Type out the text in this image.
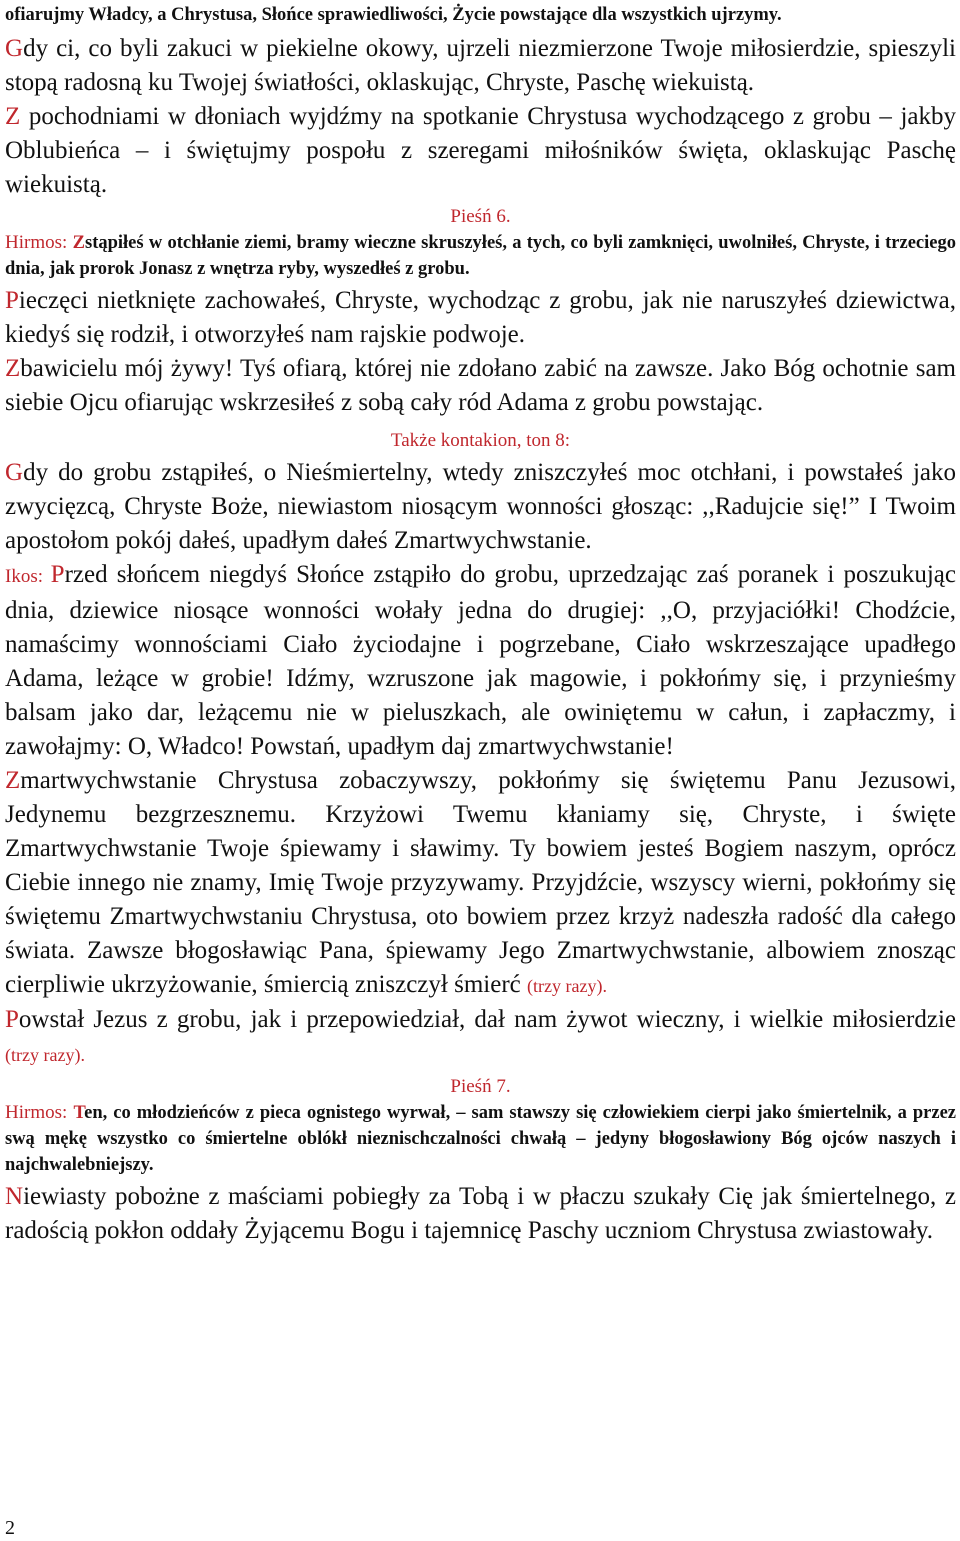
ofiarujmy Władcy, a Chrystusa, Słońce sprawiedliwości, Życie powstające dla wszystkich ujrzymy.

Gdy ci, co byli zakuci w piekielne okowy, ujrzeli niezmierzone Twoje miłosierdzie, spieszyli stopą radosną ku Twojej światłości, oklaskując, Chryste, Paschę wiekuistą.

Z pochodniami w dłoniach wyjdźmy na spotkanie Chrystusa wychodzącego z grobu – jakby Oblubieńca – i świętujmy pospołu z szeregami miłośników święta, oklaskując Paschę wiekuistą.

Pieśń 6.

Hirmos: Zstąpiłeś w otchłanie ziemi, bramy wieczne skruszyłeś, a tych, co byli zamknięci, uwolniłeś, Chryste, i trzeciego dnia, jak prorok Jonasz z wnętrza ryby, wyszedłeś z grobu.

Pieczęci nietknięte zachowałeś, Chryste, wychodząc z grobu, jak nie naruszyłeś dziewictwa, kiedyś się rodził, i otworzyłeś nam rajskie podwoje.

Zbawicielu mój żywy! Tyś ofiarą, której nie zdołano zabić na zawsze. Jako Bóg ochotnie sam siebie Ojcu ofiarując wskrzesiłeś z sobą cały ród Adama z grobu powstając.

Także kontakion, ton 8:

Gdy do grobu zstąpiłeś, o Nieśmiertelny, wtedy zniszczyłeś moc otchłani, i powstałeś jako zwycięzcą, Chryste Boże, niewiastom niosącym wonności głosząc: ,,Radujcie się!” I Twoim apostołom pokój dałeś, upadłym dałeś Zmartwychwstanie.

Ikos: Przed słońcem niegdyś Słońce zstąpiło do grobu, uprzedzając zaś poranek i poszukując dnia, dziewice niosące wonności wołały jedna do drugiej: ,,O, przyjaciółki! Chodźcie, namaścimy wonnościami Ciało życiodajne i pogrzebane, Ciało wskrzeszające upadłego Adama, leżące w grobie! Idźmy, wzruszone jak magowie, i pokłońmy się, i przynieśmy balsam jako dar, leżącemu nie w pieluszkach, ale owiniętemu w całun, i zapłaczmy, i zawołajmy: O, Władco! Powstań, upadłym daj zmartwychwstanie!

Zmartwychwstanie Chrystusa zobaczywszy, pokłońmy się świętemu Panu Jezusowi, Jedynemu bezgrzesznemu. Krzyżowi Twemu kłaniamy się, Chryste, i święte Zmartwychwstanie Twoje śpiewamy i sławimy. Ty bowiem jesteś Bogiem naszym, oprócz Ciebie innego nie znamy, Imię Twoje przyzywamy. Przyjdźcie, wszyscy wierni, pokłońmy się świętemu Zmartwychwstaniu Chrystusa, oto bowiem przez krzyż nadeszła radość dla całego świata. Zawsze błogosławiąc Pana, śpiewamy Jego Zmartwychwstanie, albowiem znosząc cierpliwie ukrzyżowanie, śmiercią zniszczył śmierć (trzy razy).

Powstał Jezus z grobu, jak i przepowiedział, dał nam żywot wieczny, i wielkie miłosierdzie (trzy razy).

Pieśń 7.

Hirmos: Ten, co młodzieńców z pieca ognistego wyrwał, – sam stawszy się człowiekiem cierpi jako śmiertelnik, a przez swą mękę wszystko co śmiertelne oblókł nieznischczalności chwałą – jedyny błogosławiony Bóg ojców naszych i najchwalebniejszy.

Niewiasty pobożne z maściami pobiegły za Tobą i w płaczu szukały Cię jak śmiertelnego, z radością pokłon oddały Żyjącemu Bogu i tajemnicę Paschy uczniom Chrystusa zwiastowały.

2
